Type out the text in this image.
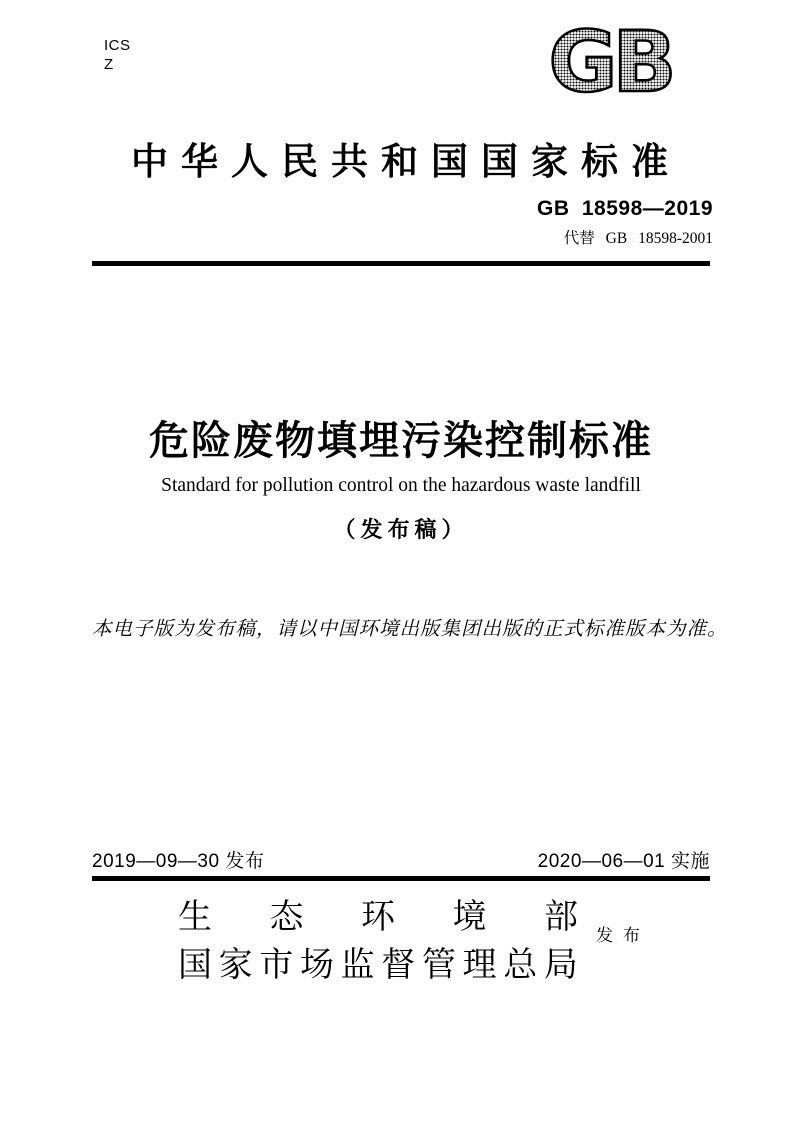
ICS
Z	GB
中华人民共和国国家标准
GB 18598—2019
代替 GB 18598-2001
危险废物填埋污染控制标准
Standard for pollution control on the hazardous waste landfill
（发布稿）
本电子版为发布稿，请以中国环境出版集团出版的正式标准版本为准。
2019—09—30 发布	2020—06—01 实施
生 态 环 境 部
国 家 市 场 监 督 管 理 总 局
发布
